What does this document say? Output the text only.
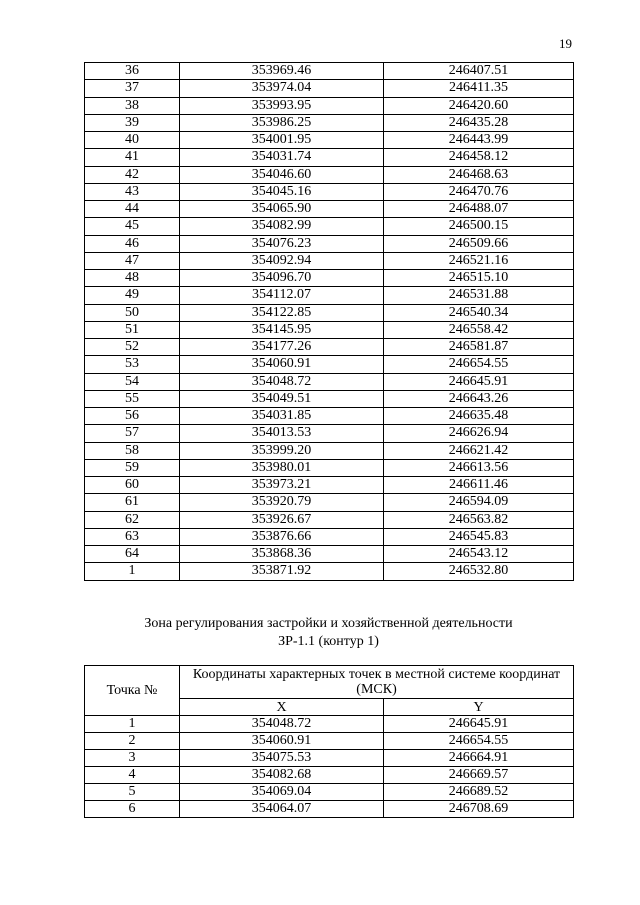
19
36	353969.46	246407.51
37	353974.04	246411.35
38	353993.95	246420.60
39	353986.25	246435.28
40	354001.95	246443.99
41	354031.74	246458.12
42	354046.60	246468.63
43	354045.16	246470.76
44	354065.90	246488.07
45	354082.99	246500.15
46	354076.23	246509.66
47	354092.94	246521.16
48	354096.70	246515.10
49	354112.07	246531.88
50	354122.85	246540.34
51	354145.95	246558.42
52	354177.26	246581.87
53	354060.91	246654.55
54	354048.72	246645.91
55	354049.51	246643.26
56	354031.85	246635.48
57	354013.53	246626.94
58	353999.20	246621.42
59	353980.01	246613.56
60	353973.21	246611.46
61	353920.79	246594.09
62	353926.67	246563.82
63	353876.66	246545.83
64	353868.36	246543.12
1	353871.92	246532.80
Зона регулирования застройки и хозяйственной деятельности
ЗР-1.1 (контур 1)
Точка №	Координаты характерных точек в местной системе координат (МСК)	
	X	Y
1	354048.72	246645.91
2	354060.91	246654.55
3	354075.53	246664.91
4	354082.68	246669.57
5	354069.04	246689.52
6	354064.07	246708.69
